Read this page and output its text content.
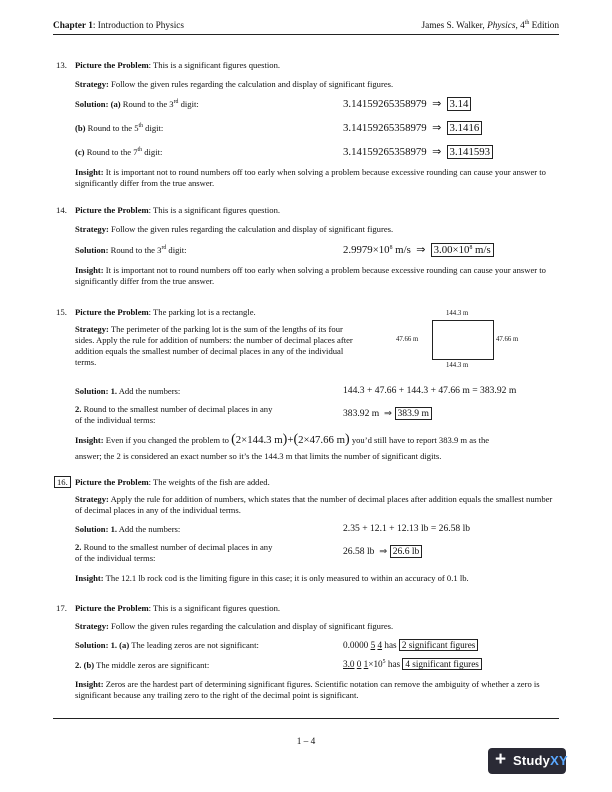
Chapter 1: Introduction to Physics	James S. Walker, Physics, 4th Edition
13. Picture the Problem: This is a significant figures question.
Strategy: Follow the given rules regarding the calculation and display of significant figures.
Solution: (a) Round to the 3rd digit:	3.14159265358979 ⇒ 3.14
(b) Round to the 5th digit:	3.14159265358979 ⇒ 3.1416
(c) Round to the 7th digit:	3.14159265358979 ⇒ 3.141593
Insight: It is important not to round numbers off too early when solving a problem because excessive rounding can cause your answer to significantly differ from the true answer.
14. Picture the Problem: This is a significant figures question.
Strategy: Follow the given rules regarding the calculation and display of significant figures.
Solution: Round to the 3rd digit:	$2.9979\times 10^8$ m/s ⇒ $3.00\times 10^8$ m/s
Insight: It is important not to round numbers off too early when solving a problem because excessive rounding can cause your answer to significantly differ from the true answer.
15. Picture the Problem: The parking lot is a rectangle.
Strategy: The perimeter of the parking lot is the sum of the lengths of its four sides. Apply the rule for addition of numbers: the number of decimal places after addition equals the smallest number of decimal places in any of the individual terms.
144.3 m
47.66 m	47.66 m
144.3 m
Solution: 1. Add the numbers:	144.3 + 47.66 + 144.3 + 47.66 m = 383.92 m
2. Round to the smallest number of decimal places in any of the individual terms:
383.92 m ⇒ 383.9 m
Insight: Even if you changed the problem to (2×144.3 m)+(2×47.66 m) you’d still have to report 383.9 m as the
answer; the 2 is considered an exact number so it’s the 144.3 m that limits the number of significant digits.
16. Picture the Problem: The weights of the fish are added.
Strategy: Apply the rule for addition of numbers, which states that the number of decimal places after addition equals the smallest number of decimal places in any of the individual terms.
Solution: 1. Add the numbers:	2.35 + 12.1 + 12.13 lb = 26.58 lb
2. Round to the smallest number of decimal places in any of the individual terms:
26.58 lb ⇒ 26.6 lb
Insight: The 12.1 lb rock cod is the limiting figure in this case; it is only measured to within an accuracy of 0.1 lb.
17. Picture the Problem: This is a significant figures question.
Strategy: Follow the given rules regarding the calculation and display of significant figures.
Solution: 1. (a) The leading zeros are not significant:	0.0000 5 4 has 2 significant figures
2. (b) The middle zeros are significant:	3.0 0 $1\times 10^5$ has 4 significant figures
Insight: Zeros are the hardest part of determining significant figures. Scientific notation can remove the ambiguity of whether a zero is significant because any trailing zero to the right of the decimal point is significant.
1 – 4
+ StudyXY
